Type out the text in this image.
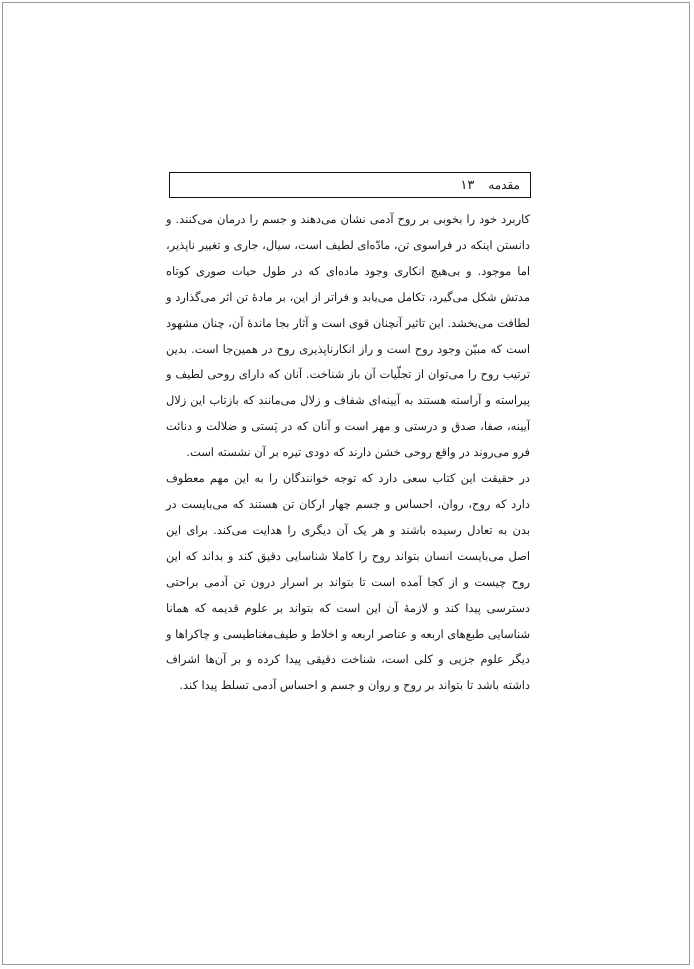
مقدمه
۱۳

کاربرد خود را بخوبی بر روح آدمی نشان می‌دهند و جسم را درمان می‌کنند. و دانستن اینکه در فراسوی تن، مادّه‌ای لطیف است، سیال، جاری و تغییر ناپذیر، اما موجود. و بی‌هیچ انکاری وجود ماده‌ای که در طول حیات صوری کوتاه مدتش شکل می‌گیرد، تکامل می‌یابد و فراتر از این، بر مادهٔ تن اثر می‌گذارد و لطافت می‌بخشد. این تاثیر آنچنان قوی است و آثار بجا ماندهٔ آن، چنان مشهود است که مبیّن وجود روح است و راز انکارناپذیری روح در همین‌جا است. بدین ترتیب روح را می‌توان از تجلّیات آن باز شناخت. آنان که دارای روحی لطیف و پیراسته و آراسته هستند به آیینه‌ای شفاف و زلال می‌مانند که بازتاب این زلال آیینه، صفا، صدق و درستی و مهر است و آنان که در پَستی و ضلالت و دنائت فرو می‌روند در واقع روحی خشن دارند که دودی تیره بر آن نشسته است.

در حقیقت این کتاب سعی دارد که توجه خوانندگان را به این مهم معطوف دارد که روح، روان، احساس و جسم چهار ارکان تن هستند که می‌بایست در بدن به تعادل رسیده باشند و هر یک آن دیگری را هدایت می‌کند. برای این اصل می‌بایست انسان بتواند روح را کاملا شناسایی دقیق کند و بداند که این روح چیست و از کجا آمده است تا بتواند بر اسرار درون تن آدمی براحتی دسترسی پیدا کند و لازمهٔ آن این است که بتواند بر علوم قدیمه که همانا شناسایی طبع‌های اربعه و عناصر اربعه و اخلاط و طیف‌مغناطیسی و چاکراها و دیگر علوم جزیی و کلی است، شناخت دقیقی پیدا کرده و بر آن‌ها اشراف داشته باشد تا بتواند بر روح و روان و جسم و احساس آدمی تسلط پیدا کند.
